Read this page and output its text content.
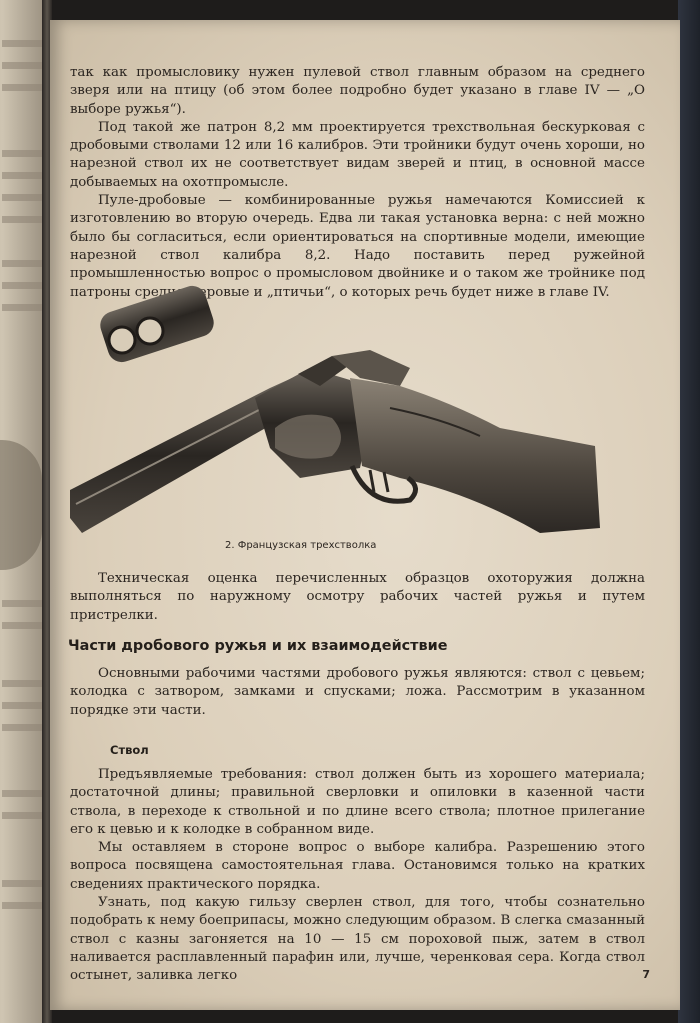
так как промысловику нужен пулевой ствол главным образом на среднего зверя или на птицу (об этом более подробно будет указано в главе IV — „О выборе ружья“).

Под такой же патрон 8,2 мм проектируется трехствольная бескурковая с дробовыми стволами 12 или 16 калибров. Эти тройники будут очень хороши, но нарезной ствол их не соответствует видам зверей и птиц, в основной массе добываемых на охотпромысле.

Пуле-дробовые — комбинированные ружья намечаются Комиссией к изготовлению во вторую очередь. Едва ли такая установка верна: с ней можно было бы согласиться, если ориентироваться на спортивные модели, имеющие нарезной ствол калибра 8,2. Надо поставить перед ружейной промышленностью вопрос о промысловом двойнике и о таком же тройнике под патроны среднезверовые и „птичьи“, о которых речь будет ниже в главе IV.

2. Французская трехстволка

Техническая оценка перечисленных образцов охоторужия должна выполняться по наружному осмотру рабочих частей ружья и путем пристрелки.

Части дробового ружья и их взаимодействие

Основными рабочими частями дробового ружья являются: ствол с цевьем; колодка с затвором, замками и спусками; ложа. Рассмотрим в указанном порядке эти части.

Ствол

Предъявляемые требования: ствол должен быть из хорошего материала; достаточной длины; правильной сверловки и опиловки в казенной части ствола, в переходе к ствольной и по длине всего ствола; плотное прилегание его к цевью и к колодке в собранном виде.

Мы оставляем в стороне вопрос о выборе калибра. Разрешению этого вопроса посвящена самостоятельная глава. Остановимся только на кратких сведениях практического порядка.

Узнать, под какую гильзу сверлен ствол, для того, чтобы сознательно подобрать к нему боеприпасы, можно следующим образом. В слегка смазанный ствол с казны загоняется на 10 — 15 см пороховой пыж, затем в ствол наливается расплавленный парафин или, лучше, черенковая сера. Когда ствол остынет, заливка легко	7
